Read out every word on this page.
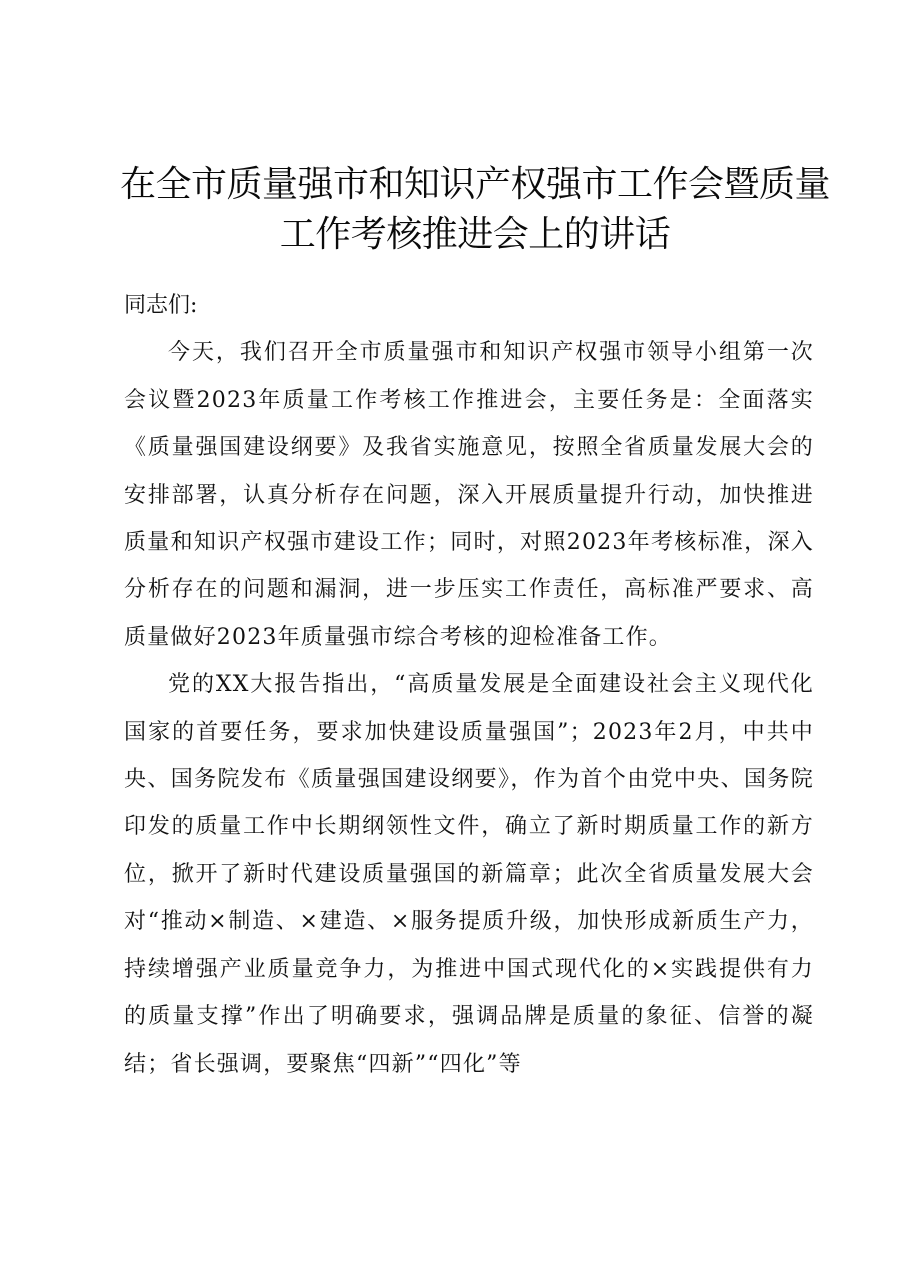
在全市质量强市和知识产权强市工作会暨质量工作考核推进会上的讲话

同志们:

今天，我们召开全市质量强市和知识产权强市领导小组第一次会议暨2023年质量工作考核工作推进会，主要任务是：全面落实《质量强国建设纲要》及我省实施意见，按照全省质量发展大会的安排部署，认真分析存在问题，深入开展质量提升行动，加快推进质量和知识产权强市建设工作；同时，对照2023年考核标准，深入分析存在的问题和漏洞，进一步压实工作责任，高标准严要求、高质量做好2023年质量强市综合考核的迎检准备工作。

党的XX大报告指出，“高质量发展是全面建设社会主义现代化国家的首要任务，要求加快建设质量强国”；2023年2月，中共中央、国务院发布《质量强国建设纲要》，作为首个由党中央、国务院印发的质量工作中长期纲领性文件，确立了新时期质量工作的新方位，掀开了新时代建设质量强国的新篇章；此次全省质量发展大会对“推动×制造、×建造、×服务提质升级，加快形成新质生产力，持续增强产业质量竞争力，为推进中国式现代化的×实践提供有力的质量支撑”作出了明确要求，强调品牌是质量的象征、信誉的凝结；省长强调，要聚焦“四新”“四化”等
